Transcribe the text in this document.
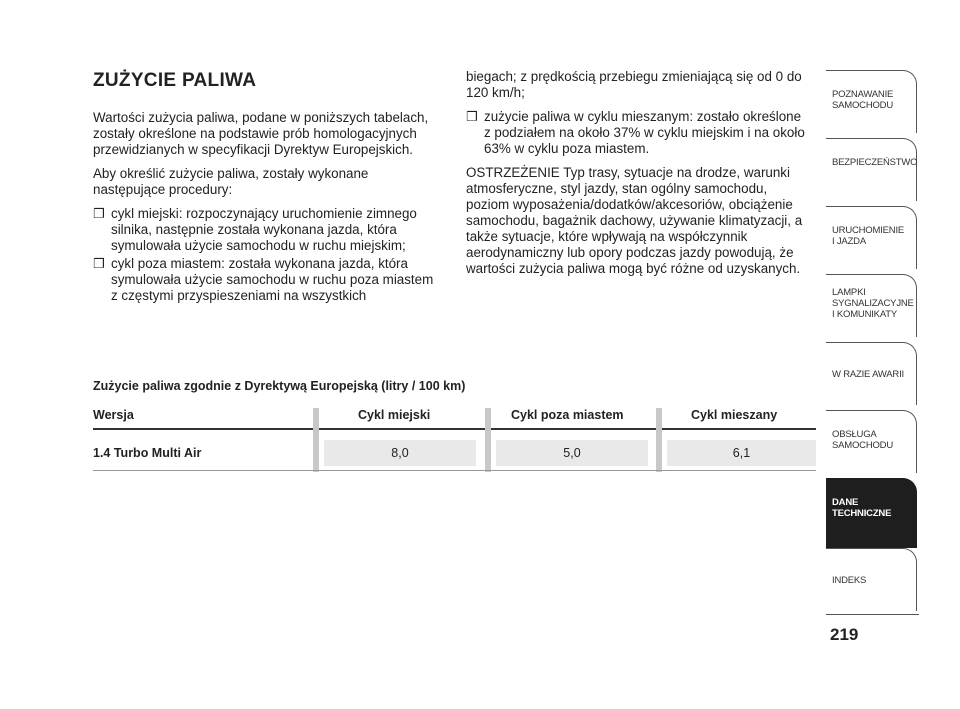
ZUŻYCIE PALIWA

Wartości zużycia paliwa, podane w poniższych tabelach, zostały określone na podstawie prób homologacyjnych przewidzianych w specyfikacji Dyrektyw Europejskich.

Aby określić zużycie paliwa, zostały wykonane następujące procedury:

❒ cykl miejski: rozpoczynający uruchomienie zimnego silnika, następnie została wykonana jazda, która symulowała użycie samochodu w ruchu miejskim;

❒ cykl poza miastem: została wykonana jazda, która symulowała użycie samochodu w ruchu poza miastem z częstymi przyspieszeniami na wszystkich

biegach; z prędkością przebiegu zmieniającą się od 0 do 120 km/h;

❒ zużycie paliwa w cyklu mieszanym: zostało określone z podziałem na około 37% w cyklu miejskim i na około 63% w cyklu poza miastem.

OSTRZEŻENIE Typ trasy, sytuacje na drodze, warunki atmosferyczne, styl jazdy, stan ogólny samochodu, poziom wyposażenia/dodatków/akcesoriów, obciążenie samochodu, bagażnik dachowy, używanie klimatyzacji, a także sytuacje, które wpływają na współczynnik aerodynamiczny lub opory podczas jazdy powodują, że wartości zużycia paliwa mogą być różne od uzyskanych.

Zużycie paliwa zgodnie z Dyrektywą Europejską (litry / 100 km)

Wersja	Cykl miejski	Cykl poza miastem	Cykl mieszany
1.4 Turbo Multi Air	8,0	5,0	6,1
POZNAWANIE
SAMOCHODU
BEZPIECZEŃSTWO
URUCHOMIENIE
I JAZDA
LAMPKI
SYGNALIZACYJNE
I KOMUNIKATY
W RAZIE AWARII
OBSŁUGA
SAMOCHODU
DANE
TECHNICZNE
INDEKS

219
